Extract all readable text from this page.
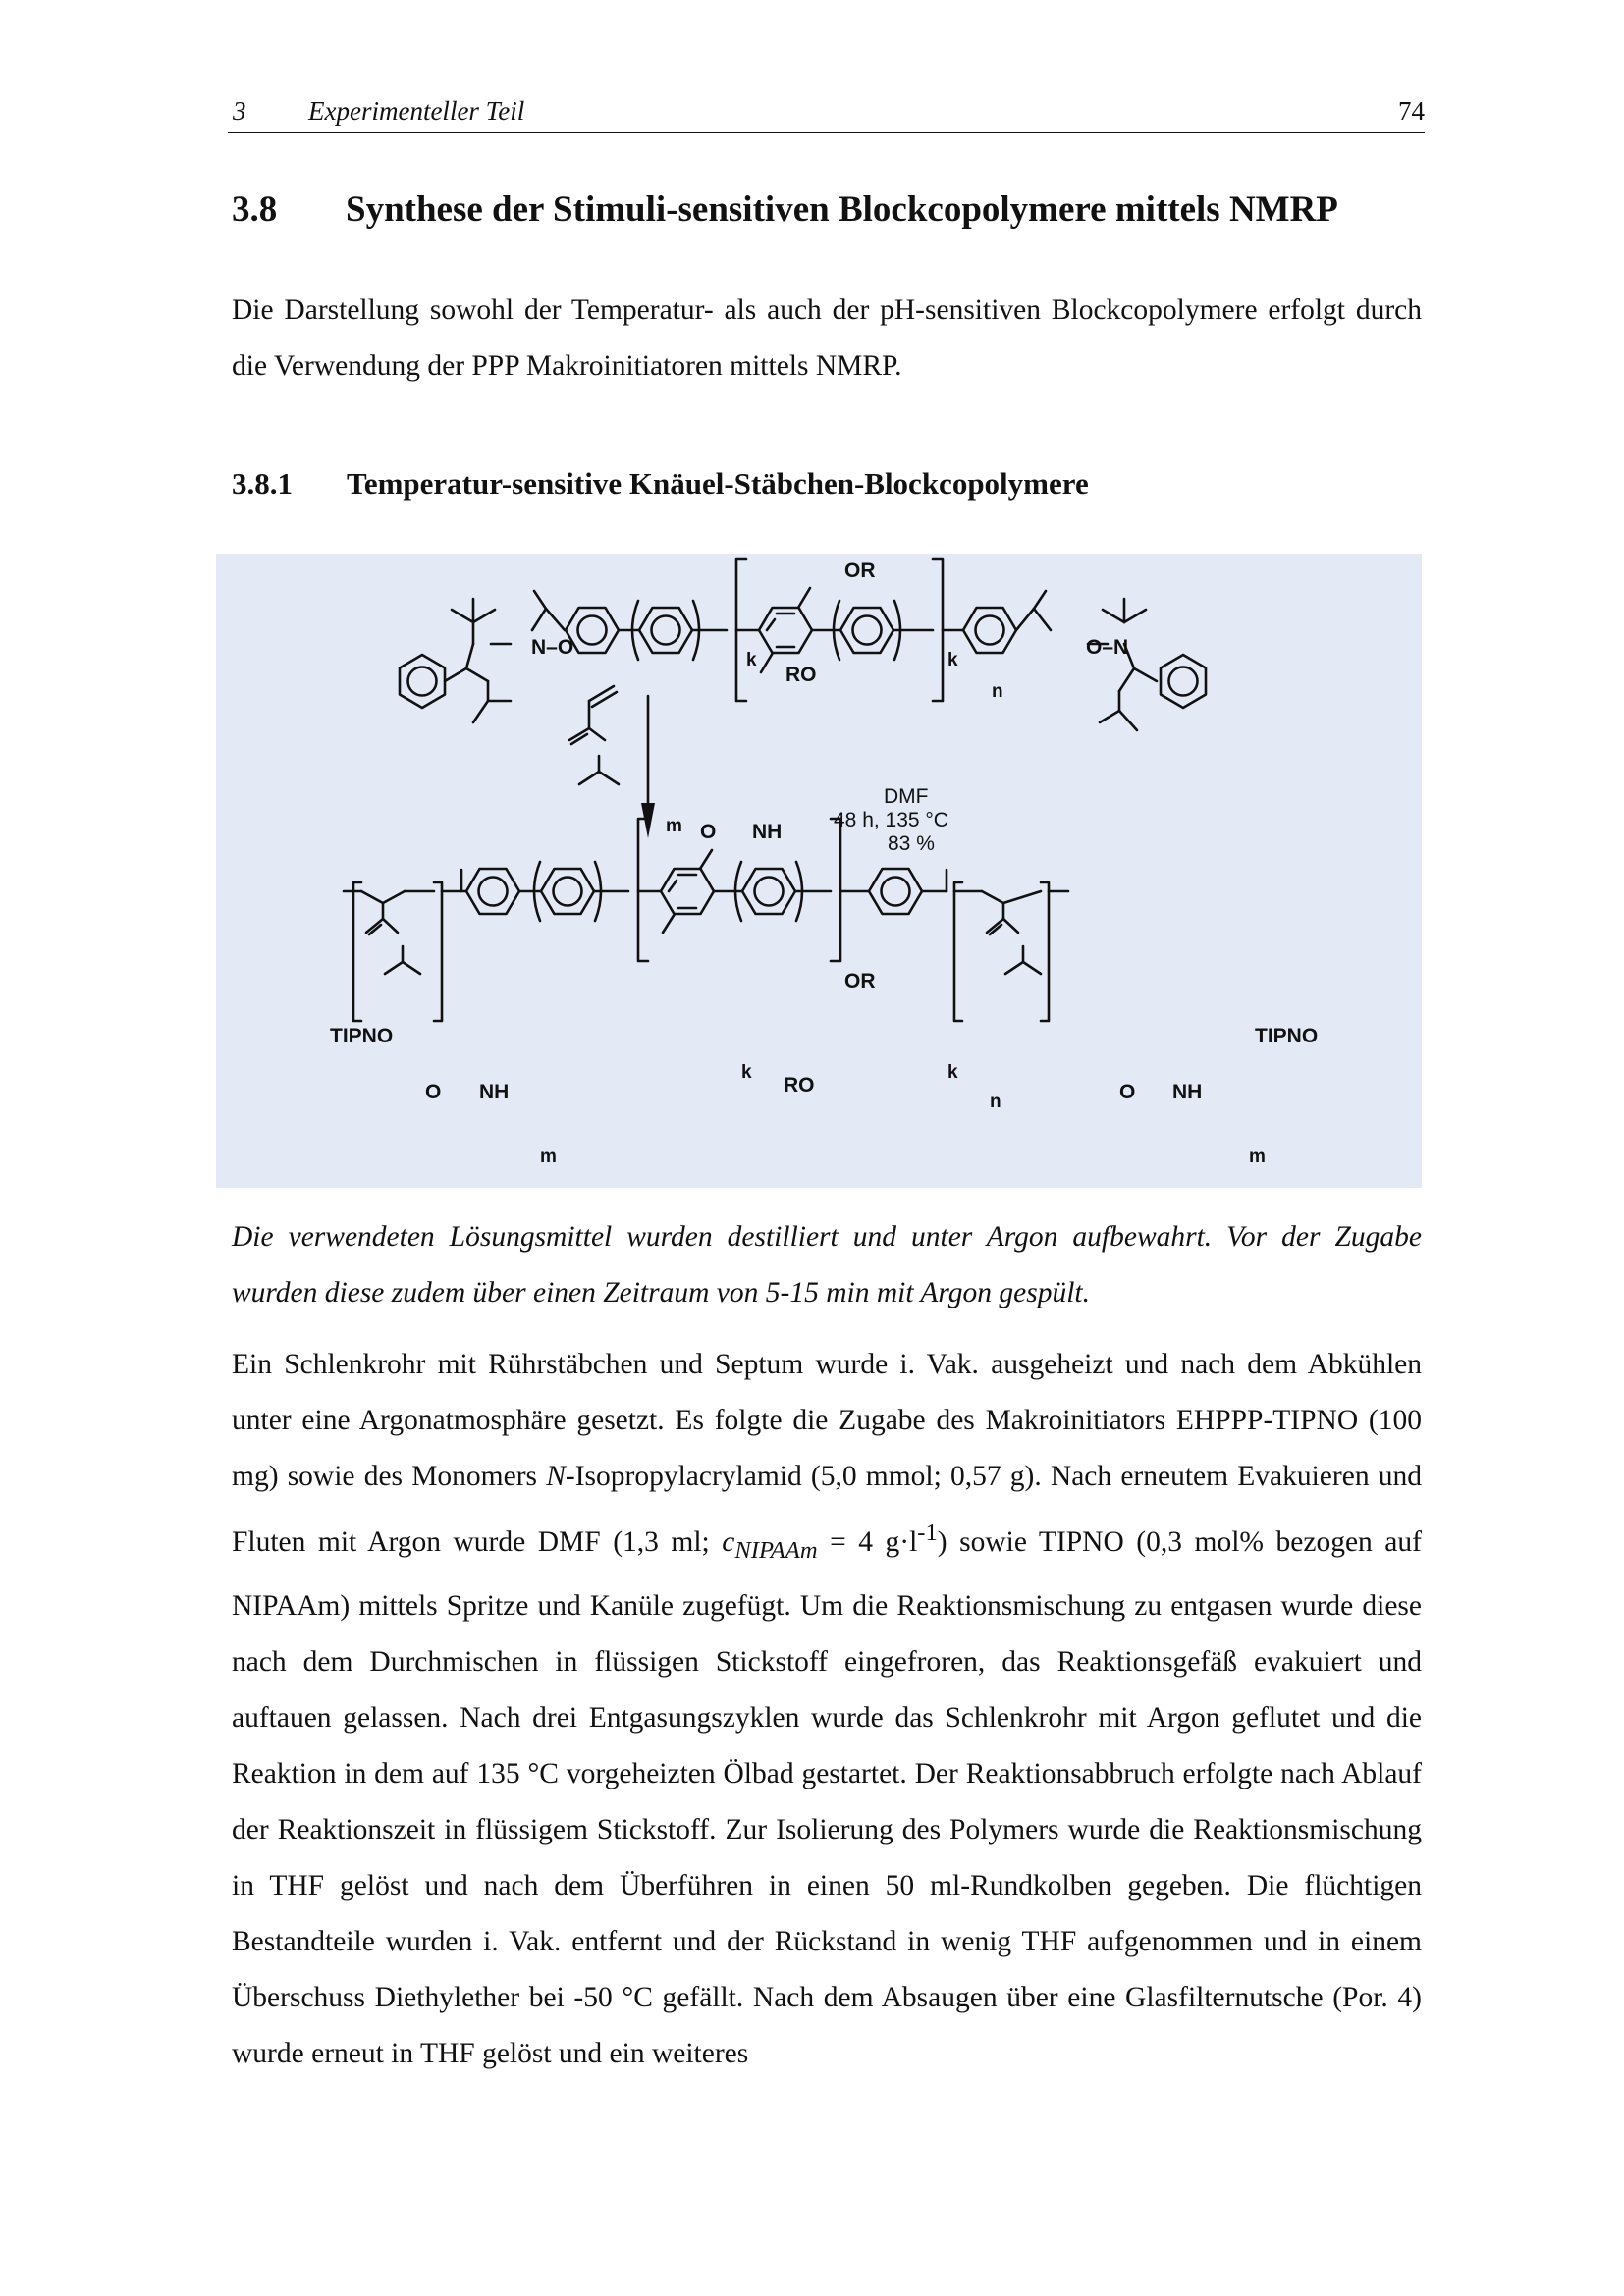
3 Experimenteller Teil	74
3.8 Synthese der Stimuli-sensitiven Blockcopolymere mittels NMRP

Die Darstellung sowohl der Temperatur- als auch der pH-sensitiven Blockcopolymere erfolgt durch die Verwendung der PPP Makroinitiatoren mittels NMRP.

3.8.1 Temperatur-sensitive Knäuel-Stäbchen-Blockcopolymere
OR
RO
k	k
n
N–O	O–N
m O NH
DMF
48 h, 135 °C
83 %
TIPNO	TIPNO
OR
RO
k	k
n
m	m
O NH	O NH

Die verwendeten Lösungsmittel wurden destilliert und unter Argon aufbewahrt. Vor der Zugabe wurden diese zudem über einen Zeitraum von 5-15 min mit Argon gespült.

Ein Schlenkrohr mit Rührstäbchen und Septum wurde i. Vak. ausgeheizt und nach dem Abkühlen unter eine Argonatmosphäre gesetzt. Es folgte die Zugabe des Makroinitiators EHPPP-TIPNO (100 mg) sowie des Monomers N-Isopropylacrylamid (5,0 mmol; 0,57 g). Nach erneutem Evakuieren und Fluten mit Argon wurde DMF (1,3 ml; $c_{NIPAAm} = 4$ $g\cdot l^{-1}$) sowie TIPNO (0,3 mol% bezogen auf NIPAAm) mittels Spritze und Kanüle zugefügt. Um die Reaktionsmischung zu entgasen wurde diese nach dem Durchmischen in flüssigen Stickstoff eingefroren, das Reaktionsgefäß evakuiert und auftauen gelassen. Nach drei Entgasungszyklen wurde das Schlenkrohr mit Argon geflutet und die Reaktion in dem auf 135 °C vorgeheizten Ölbad gestartet. Der Reaktionsabbruch erfolgte nach Ablauf der Reaktionszeit in flüssigem Stickstoff. Zur Isolierung des Polymers wurde die Reaktionsmischung in THF gelöst und nach dem Überführen in einen 50 ml-Rundkolben gegeben. Die flüchtigen Bestandteile wurden i. Vak. entfernt und der Rückstand in wenig THF aufgenommen und in einem Überschuss Diethylether bei -50 °C gefällt. Nach dem Absaugen über eine Glasfilternutsche (Por. 4) wurde erneut in THF gelöst und ein weiteres
